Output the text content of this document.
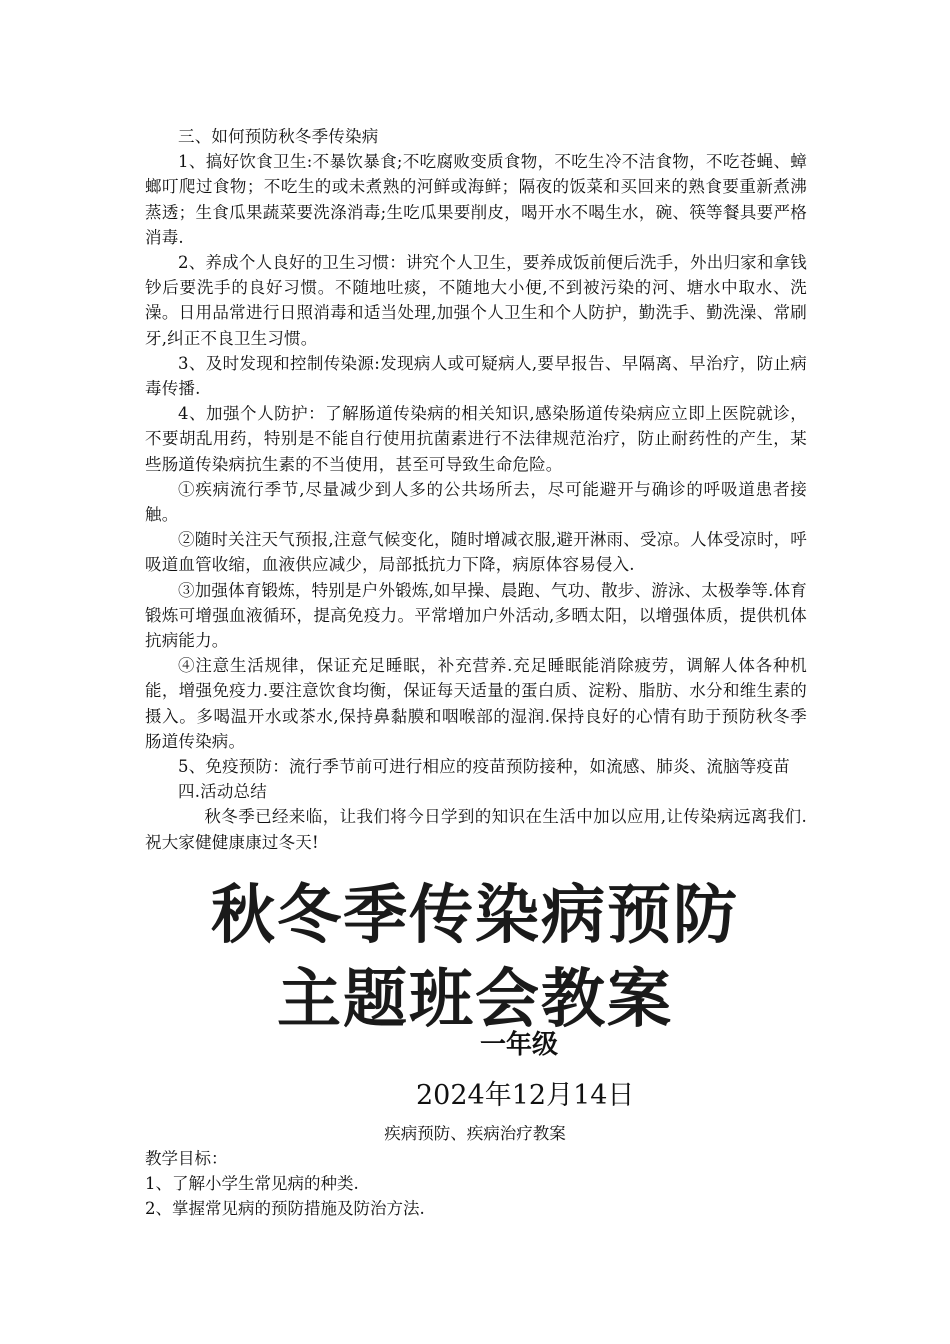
三、如何预防秋冬季传染病

1、搞好饮食卫生:不暴饮暴食;不吃腐败变质食物，不吃生冷不洁食物，不吃苍蝇、蟑螂叮爬过食物；不吃生的或未煮熟的河鲜或海鲜；隔夜的饭菜和买回来的熟食要重新煮沸蒸透；生食瓜果蔬菜要洗涤消毒;生吃瓜果要削皮，喝开水不喝生水，碗、筷等餐具要严格消毒.

2、养成个人良好的卫生习惯：讲究个人卫生，要养成饭前便后洗手，外出归家和拿钱钞后要洗手的良好习惯。不随地吐痰，不随地大小便,不到被污染的河、塘水中取水、洗澡。日用品常进行日照消毒和适当处理,加强个人卫生和个人防护，勤洗手、勤洗澡、常刷牙,纠正不良卫生习惯。

3、及时发现和控制传染源:发现病人或可疑病人,要早报告、早隔离、早治疗，防止病毒传播.

4、加强个人防护：了解肠道传染病的相关知识,感染肠道传染病应立即上医院就诊，不要胡乱用药，特别是不能自行使用抗菌素进行不法律规范治疗，防止耐药性的产生，某些肠道传染病抗生素的不当使用，甚至可导致生命危险。

①疾病流行季节,尽量减少到人多的公共场所去，尽可能避开与确诊的呼吸道患者接触。

②随时关注天气预报,注意气候变化，随时增减衣服,避开淋雨、受凉。人体受凉时，呼吸道血管收缩，血液供应减少，局部抵抗力下降，病原体容易侵入.

③加强体育锻炼，特别是户外锻炼,如早操、晨跑、气功、散步、游泳、太极拳等.体育锻炼可增强血液循环，提高免疫力。平常增加户外活动,多晒太阳，以增强体质，提供机体抗病能力。

④注意生活规律，保证充足睡眠，补充营养.充足睡眠能消除疲劳，调解人体各种机能，增强免疫力.要注意饮食均衡，保证每天适量的蛋白质、淀粉、脂肪、水分和维生素的摄入。多喝温开水或茶水,保持鼻黏膜和咽喉部的湿润.保持良好的心情有助于预防秋冬季肠道传染病。

5、免疫预防：流行季节前可进行相应的疫苗预防接种，如流感、肺炎、流脑等疫苗

四.活动总结

秋冬季已经来临，让我们将今日学到的知识在生活中加以应用,让传染病远离我们.祝大家健健康康过冬天!

秋冬季传染病预防

主题班会教案

一年级
2024年12月14日
疾病预防、疾病治疗教案

教学目标：

1、了解小学生常见病的种类.

2、掌握常见病的预防措施及防治方法.
